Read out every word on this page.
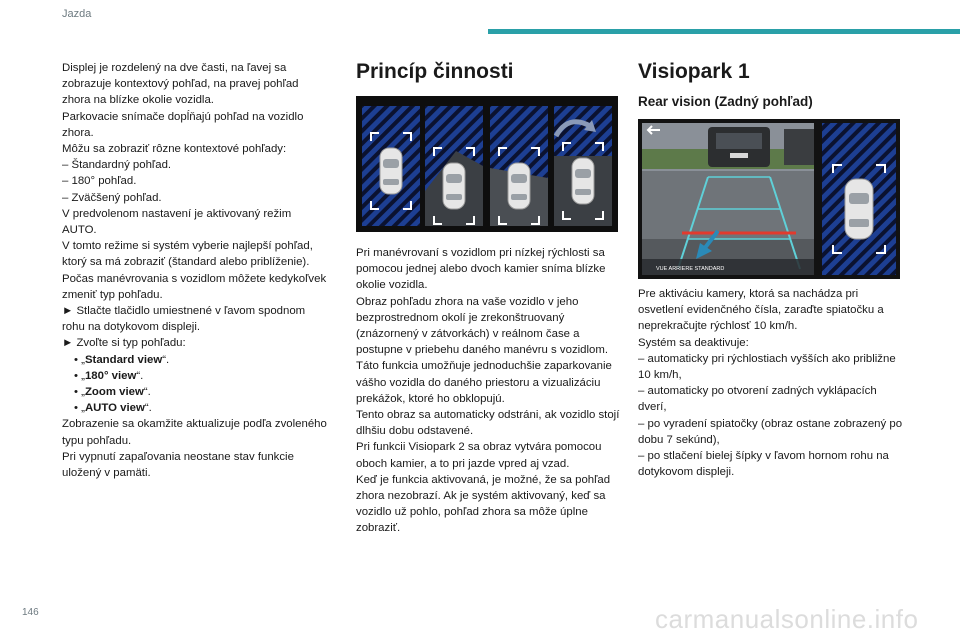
Jazda

Displej je rozdelený na dve časti, na ľavej sa zobrazuje kontextový pohľad, na pravej pohľad zhora na blízke okolie vozidla.

Parkovacie snímače dopĺňajú pohľad na vozidlo zhora.

Môžu sa zobraziť rôzne kontextové pohľady:

– Štandardný pohľad.

– 180° pohľad.

– Zväčšený pohľad.

V predvolenom nastavení je aktivovaný režim AUTO.

V tomto režime si systém vyberie najlepší pohľad, ktorý sa má zobraziť (štandard alebo priblíženie).

Počas manévrovania s vozidlom môžete kedykoľvek zmeniť typ pohľadu.

► Stlačte tlačidlo umiestnené v ľavom spodnom rohu na dotykovom displeji.

► Zvoľte si typ pohľadu:

• „Standard view“.

• „180° view“.

• „Zoom view“.

• „AUTO view“.

Zobrazenie sa okamžite aktualizuje podľa zvoleného typu pohľadu.

Pri vypnutí zapaľovania neostane stav funkcie uložený v pamäti.

Princíp činnosti

Pri manévrovaní s vozidlom pri nízkej rýchlosti sa pomocou jednej alebo dvoch kamier sníma blízke okolie vozidla.

Obraz pohľadu zhora na vaše vozidlo v jeho bezprostrednom okolí je zrekonštruovaný (znázornený v zátvorkách) v reálnom čase a postupne v priebehu daného manévru s vozidlom.

Táto funkcia umožňuje jednoduchšie zaparkovanie vášho vozidla do daného priestoru a vizualizáciu prekážok, ktoré ho obklopujú.

Tento obraz sa automaticky odstráni, ak vozidlo stojí dlhšiu dobu odstavené.

Pri funkcii Visiopark 2 sa obraz vytvára pomocou oboch kamier, a to pri jazde vpred aj vzad.

Keď je funkcia aktivovaná, je možné, že sa pohľad zhora nezobrazí. Ak je systém aktivovaný, keď sa vozidlo už pohlo, pohľad zhora sa môže úplne zobraziť.

Visiopark 1
Rear vision (Zadný pohľad)
VUE ARRIERE STANDARD

Pre aktiváciu kamery, ktorá sa nachádza pri osvetlení evidenčného čísla, zaraďte spiatočku a neprekračujte rýchlosť 10 km/h.

Systém sa deaktivuje:

– automaticky pri rýchlostiach vyšších ako približne 10 km/h,

– automaticky po otvorení zadných vyklápacích dverí,

– po vyradení spiatočky (obraz ostane zobrazený po dobu 7 sekúnd),

– po stlačení bielej šípky v ľavom hornom rohu na dotykovom displeji.

146	carmanualsonline.info
